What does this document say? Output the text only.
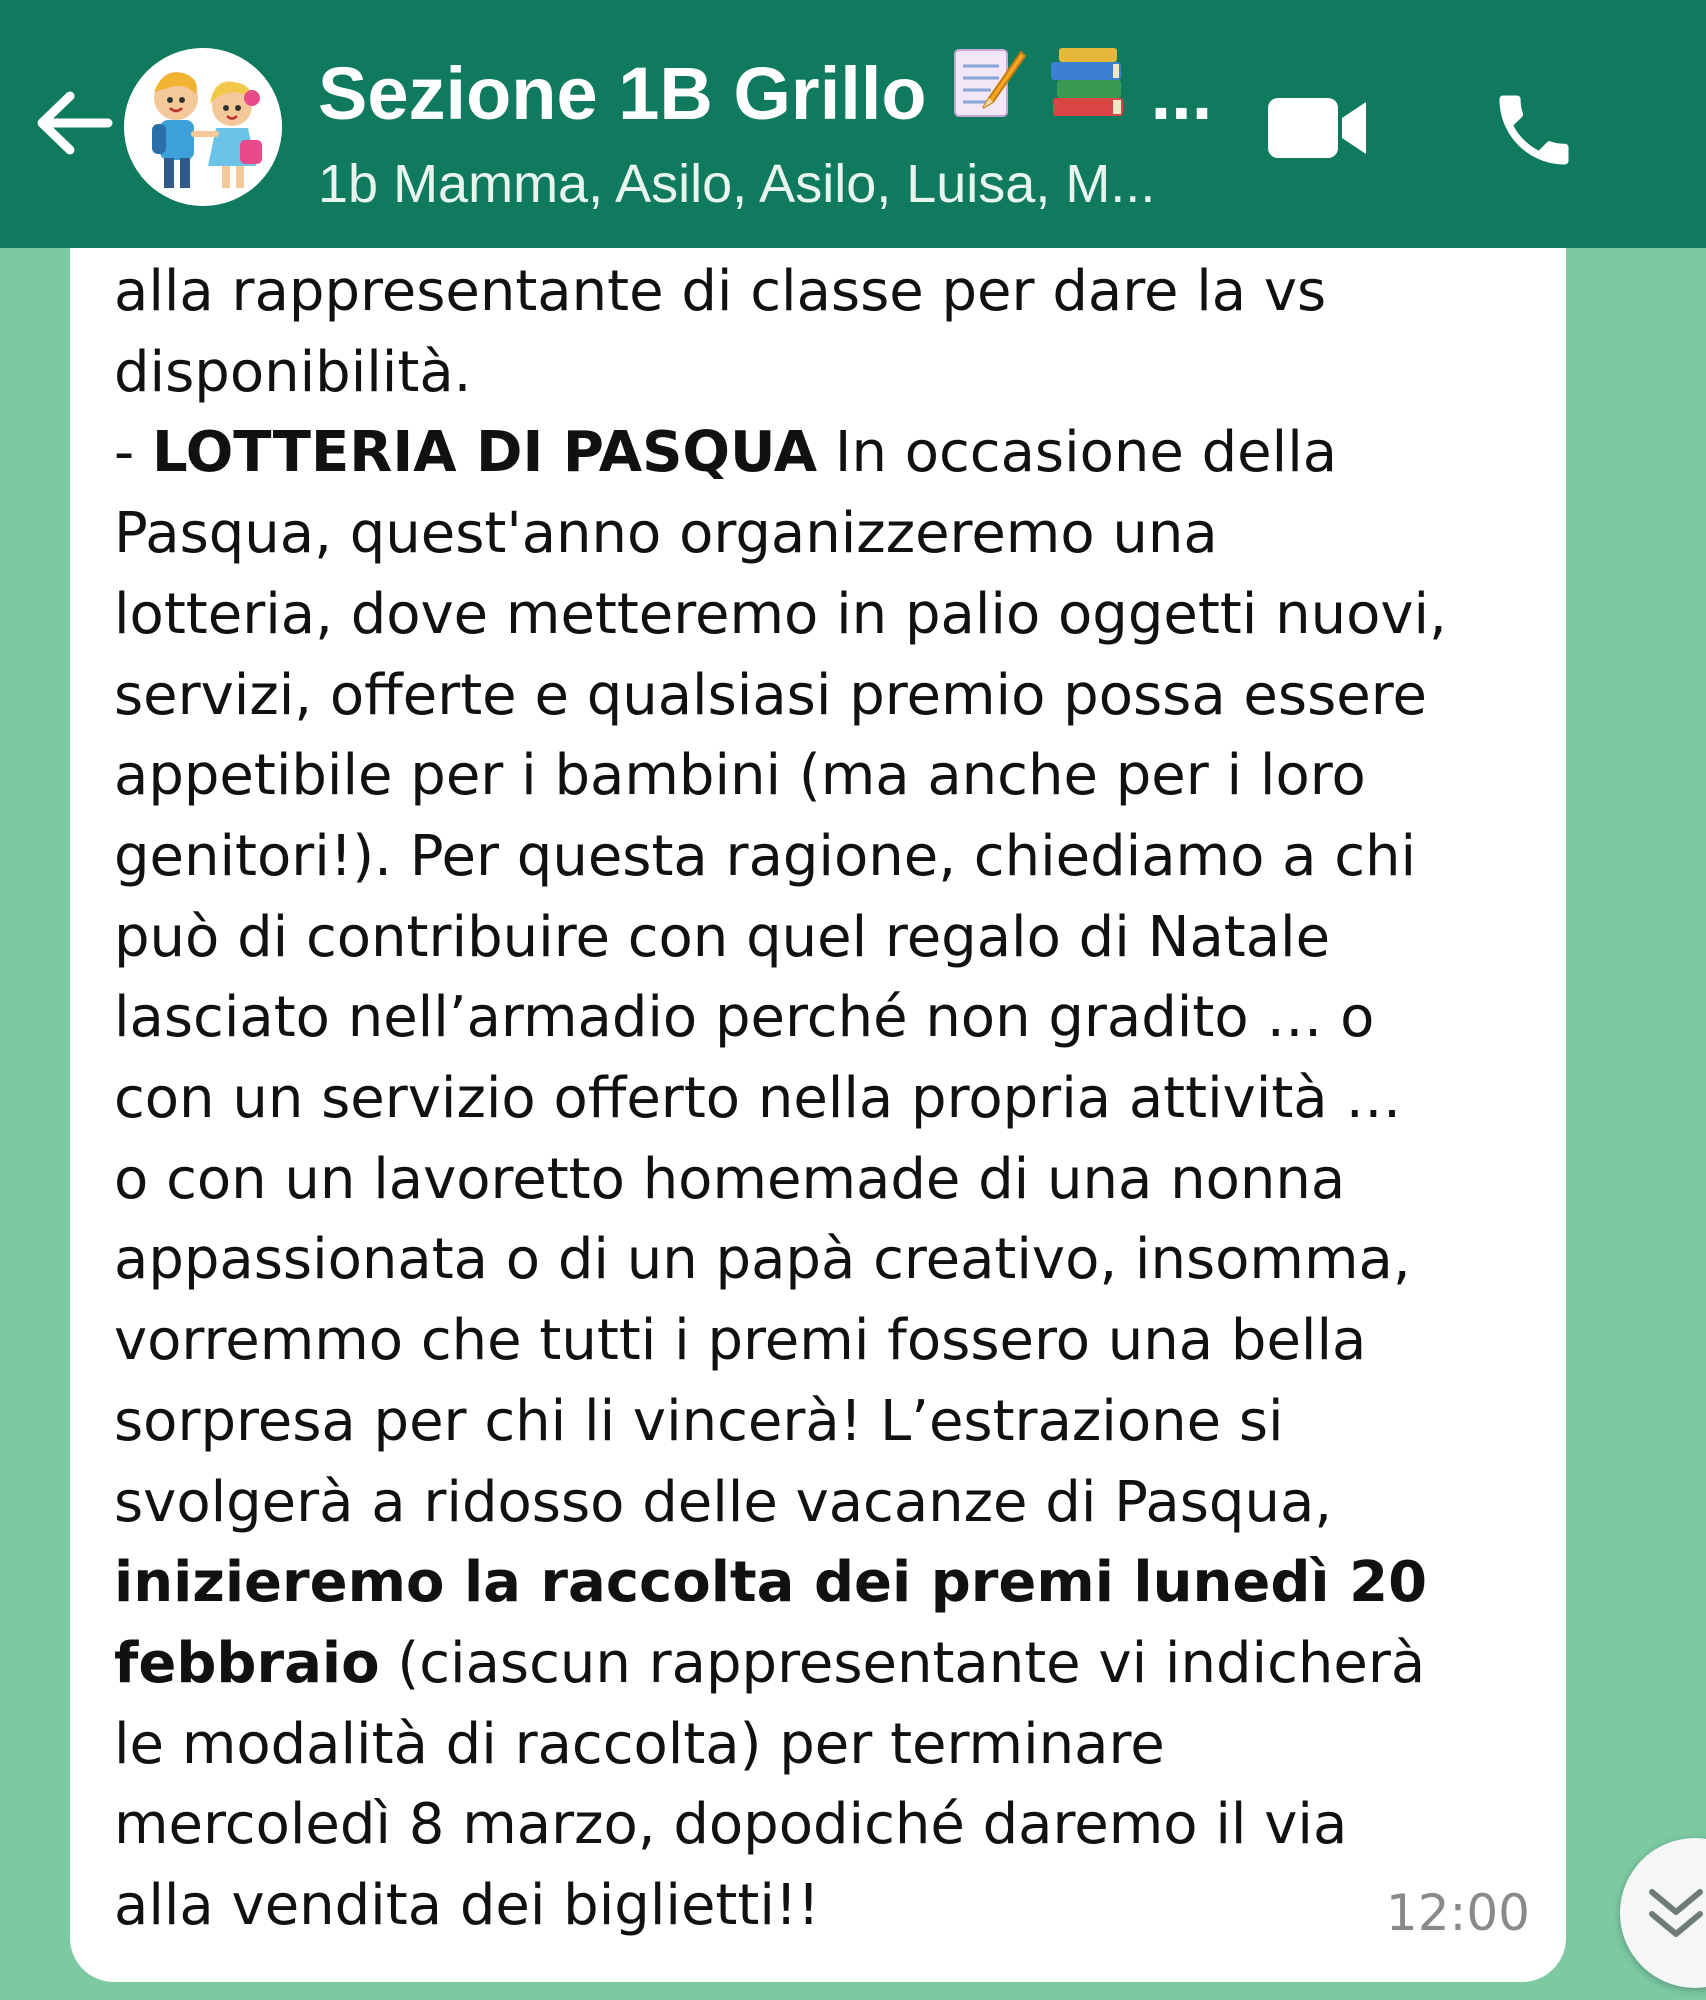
Sezione 1B Grillo	...
1b Mamma, Asilo, Asilo, Luisa, M...
alla rappresentante di classe per dare la vs
disponibilità.
- LOTTERIA DI PASQUA In occasione della
Pasqua, quest'anno organizzeremo una
lotteria, dove metteremo in palio oggetti nuovi,
servizi, offerte e qualsiasi premio possa essere
appetibile per i bambini (ma anche per i loro
genitori!). Per questa ragione, chiediamo a chi
può di contribuire con quel regalo di Natale
lasciato nell’armadio perché non gradito … o
con un servizio offerto nella propria attività …
o con un lavoretto homemade di una nonna
appassionata o di un papà creativo, insomma,
vorremmo che tutti i premi fossero una bella
sorpresa per chi li vincerà! L’estrazione si
svolgerà a ridosso delle vacanze di Pasqua,
inizieremo la raccolta dei premi lunedì 20
febbraio (ciascun rappresentante vi indicherà
le modalità di raccolta) per terminare
mercoledì 8 marzo, dopodiché daremo il via
alla vendita dei biglietti!!	12:00
